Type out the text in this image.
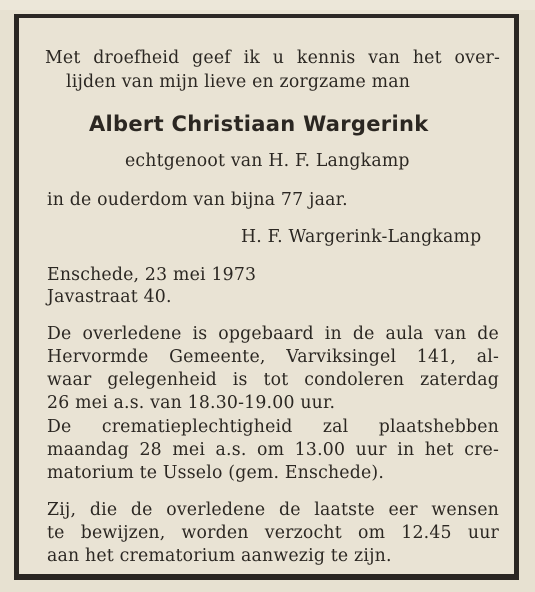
Met droefheid geef ik u kennis van het over-
lijden van mijn lieve en zorgzame man
Albert Christiaan Wargerink
echtgenoot van H. F. Langkamp
in de ouderdom van bijna 77 jaar.
H. F. Wargerink-Langkamp
Enschede, 23 mei 1973
Javastraat 40.
De overledene is opgebaard in de aula van de
Hervormde Gemeente, Varviksingel 141, al-
waar gelegenheid is tot condoleren zaterdag
26 mei a.s. van 18.30-19.00 uur.
De crematieplechtigheid zal plaatshebben
maandag 28 mei a.s. om 13.00 uur in het cre-
matorium te Usselo (gem. Enschede).
Zij, die de overledene de laatste eer wensen
te bewijzen, worden verzocht om 12.45 uur
aan het crematorium aanwezig te zijn.
